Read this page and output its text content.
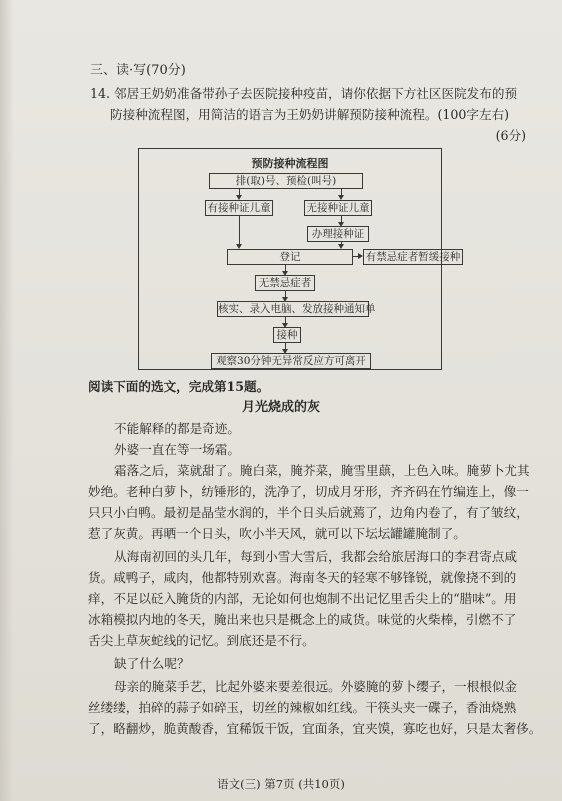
三、读·写(70分)
14. 邻居王奶奶准备带孙子去医院接种疫苗，请你依据下方社区医院发布的预
防接种流程图，用简洁的语言为王奶奶讲解预防接种流程。(100字左右)
(6分)
预防接种流程图
排(取)号、预检(叫号)
有接种证儿童	无接种证儿童
办理接种证
登记	有禁忌症者暂缓接种
无禁忌症者
核实、录入电脑、发放接种通知单
接种
观察30分钟无异常反应方可离开
阅读下面的选文，完成第15题。
月光烧成的灰
不能解释的都是奇迹。
外婆一直在等一场霜。
霜落之后，菜就甜了。腌白菜，腌芥菜，腌雪里蕻，上色入味。腌萝卜尤其
妙绝。老种白萝卜，纺锤形的，洗净了，切成月牙形，齐齐码在竹编连上，像一
只只小白鸭。最初是晶莹水润的，半个日头后就蔫了，边角内卷了，有了皱纹，
惹了灰黄。再晒一个日头，吹小半天风，就可以下坛坛罐罐腌制了。
从海南初回的头几年，每到小雪大雪后，我都会给旅居海口的李君寄点咸
货。咸鸭子，咸肉，他都特别欢喜。海南冬天的轻寒不够锋锐，就像挠不到的
痒，不足以砭入腌货的内部，无论如何也炮制不出记忆里舌尖上的“腊味”。用
冰箱模拟内地的冬天，腌出来也只是概念上的咸货。味觉的火柴棒，引燃不了
舌尖上草灰蛇线的记忆。到底还是不行。
缺了什么呢？
母亲的腌菜手艺，比起外婆来要差很远。外婆腌的萝卜缨子，一根根似金
丝缕缕，拍碎的蒜子如碎玉，切丝的辣椒如红线。干筷头夹一碟子，香油烧熟
了，略翻炒，脆黄酸香，宜稀饭干饭，宜面条，宜夹馍，寡吃也好，只是太奢侈。
语文(三) 第7页 (共10页)
